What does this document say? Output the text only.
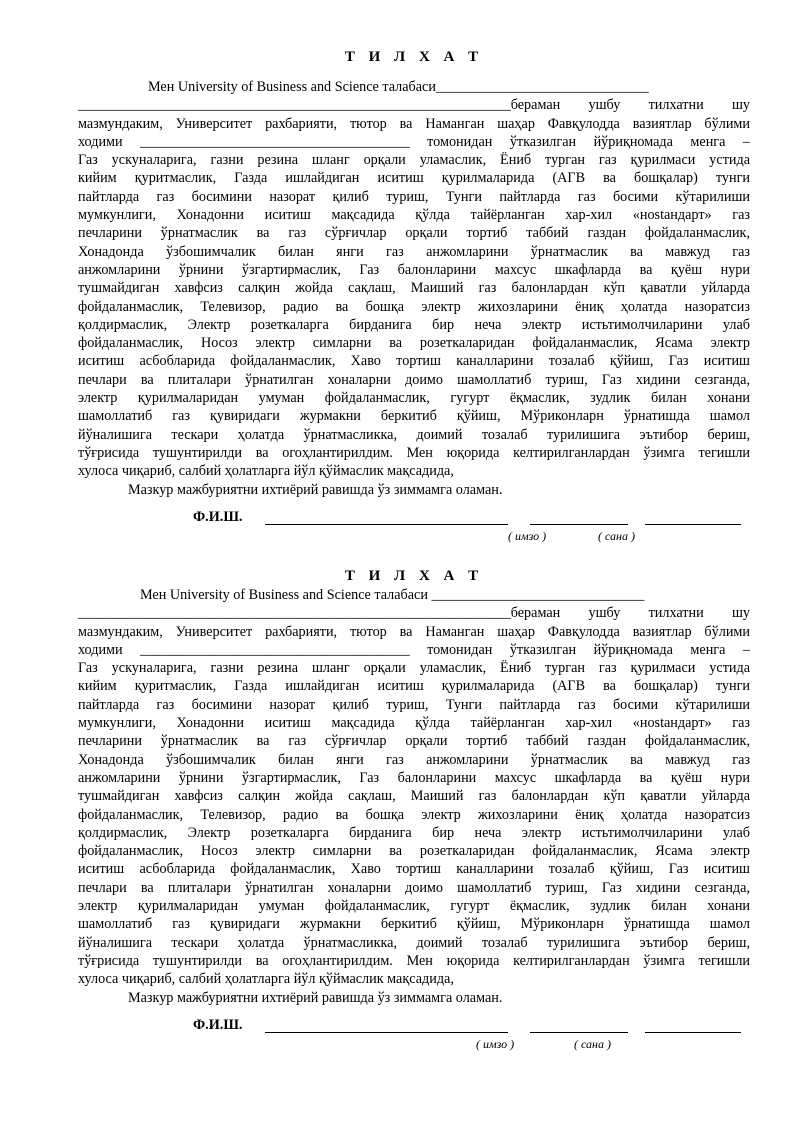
Т И Л Х А Т
Мен University of Business and Science талабаси______________________________
_____________________________________________________________бераман ушбу тилхатни шу
мазмундаким, Университет рахбарияти, тютор ва Наманган шаҳар Фавқулодда вазиятлар бўлими
ходими ______________________________________ томонидан ўтказилган йўриқномада менга –
Газ ускуналарига, газни резина шланг орқали уламаслик, Ёниб турган газ қурилмаси устида
кийим қуритмаслик, Газда ишлайдиган иситиш қурилмаларида (АГВ ва бошқалар) тунги
пайтларда газ босимини назорат қилиб туриш, Тунги пайтларда газ босими кўтарилиши
мумкунлиги, Хонадонни иситиш мақсадида қўлда тайёрланган хар-хил «нostандарт» газ
печларини ўрнатмаслик ва газ сўрғичлар орқали тортиб таббий газдан фойдаланмаслик,
Хонадонда ўзбошимчалик билан янги газ анжомларини ўрнатмаслик ва мавжуд газ
анжомларини ўрнини ўзгартирмаслик, Газ балонларини махсус шкафларда ва қуёш нури
тушмайдиган хавфсиз салқин жойда сақлаш, Маиший газ балонлардан кўп қаватли уйларда
фойдаланмаслик, Телевизор, радио ва бошқа электр жихозларини ёниқ ҳолатда назоратсиз
қолдирмаслик, Электр розеткаларга бирданига бир неча электр истьтимолчиларини улаб
фойдаланмаслик, Носоз электр симларни ва розеткаларидан фойдаланмаслик, Ясама электр
иситиш асбобларида фойдаланмаслик, Хаво тортиш каналларини тозалаб қўйиш, Газ иситиш
печлари ва плиталари ўрнатилган хоналарни доимо шамоллатиб туриш, Газ хидини сезганда,
электр қурилмаларидан умуман фойдаланмаслик, гугурт ёқмаслик, зудлик билан хонани
шамоллатиб газ қувиридаги журмакни беркитиб қўйиш, Мўриконларн ўрнатишда шамол
йўналишига тескари ҳолатда ўрнатмасликка, доимий тозалаб турилишига эътибор бериш,
тўғрисида тушунтирилди ва огоҳлантирилдим. Мен юқорида келтирилганлардан ўзимга тегишли
хулоса чиқариб, салбий ҳолатларга йўл қўймаслик мақсадида,
Мазкур мажбуриятни ихтиёрий равишда ўз зиммамга оламан.
Ф.И.Ш.
( имзо )	( сана )
Т И Л Х А Т
Мен University of Business and Science талабаси ______________________________
_____________________________________________________________бераман ушбу тилхатни шу
мазмундаким, Университет рахбарияти, тютор ва Наманган шаҳар Фавқулодда вазиятлар бўлими
ходими ______________________________________ томонидан ўтказилган йўриқномада менга –
Газ ускуналарига, газни резина шланг орқали уламаслик, Ёниб турган газ қурилмаси устида
кийим қуритмаслик, Газда ишлайдиган иситиш қурилмаларида (АГВ ва бошқалар) тунги
пайтларда газ босимини назорат қилиб туриш, Тунги пайтларда газ босими кўтарилиши
мумкунлиги, Хонадонни иситиш мақсадида қўлда тайёрланган хар-хил «нostандарт» газ
печларини ўрнатмаслик ва газ сўрғичлар орқали тортиб таббий газдан фойдаланмаслик,
Хонадонда ўзбошимчалик билан янги газ анжомларини ўрнатмаслик ва мавжуд газ
анжомларини ўрнини ўзгартирмаслик, Газ балонларини махсус шкафларда ва қуёш нури
тушмайдиган хавфсиз салқин жойда сақлаш, Маиший газ балонлардан кўп қаватли уйларда
фойдаланмаслик, Телевизор, радио ва бошқа электр жихозларини ёниқ ҳолатда назоратсиз
қолдирмаслик, Электр розеткаларга бирданига бир неча электр истьтимолчиларини улаб
фойдаланмаслик, Носоз электр симларни ва розеткаларидан фойдаланмаслик, Ясама электр
иситиш асбобларида фойдаланмаслик, Хаво тортиш каналларини тозалаб қўйиш, Газ иситиш
печлари ва плиталари ўрнатилган хоналарни доимо шамоллатиб туриш, Газ хидини сезганда,
электр қурилмаларидан умуман фойдаланмаслик, гугурт ёқмаслик, зудлик билан хонани
шамоллатиб газ қувиридаги журмакни беркитиб қўйиш, Мўриконларн ўрнатишда шамол
йўналишига тескари ҳолатда ўрнатмасликка, доимий тозалаб турилишига эътибор бериш,
тўғрисида тушунтирилди ва огоҳлантирилдим. Мен юқорида келтирилганлардан ўзимга тегишли
хулоса чиқариб, салбий ҳолатларга йўл қўймаслик мақсадида,
Мазкур мажбуриятни ихтиёрий равишда ўз зиммамга оламан.
Ф.И.Ш.
( имзо )	( сана )
